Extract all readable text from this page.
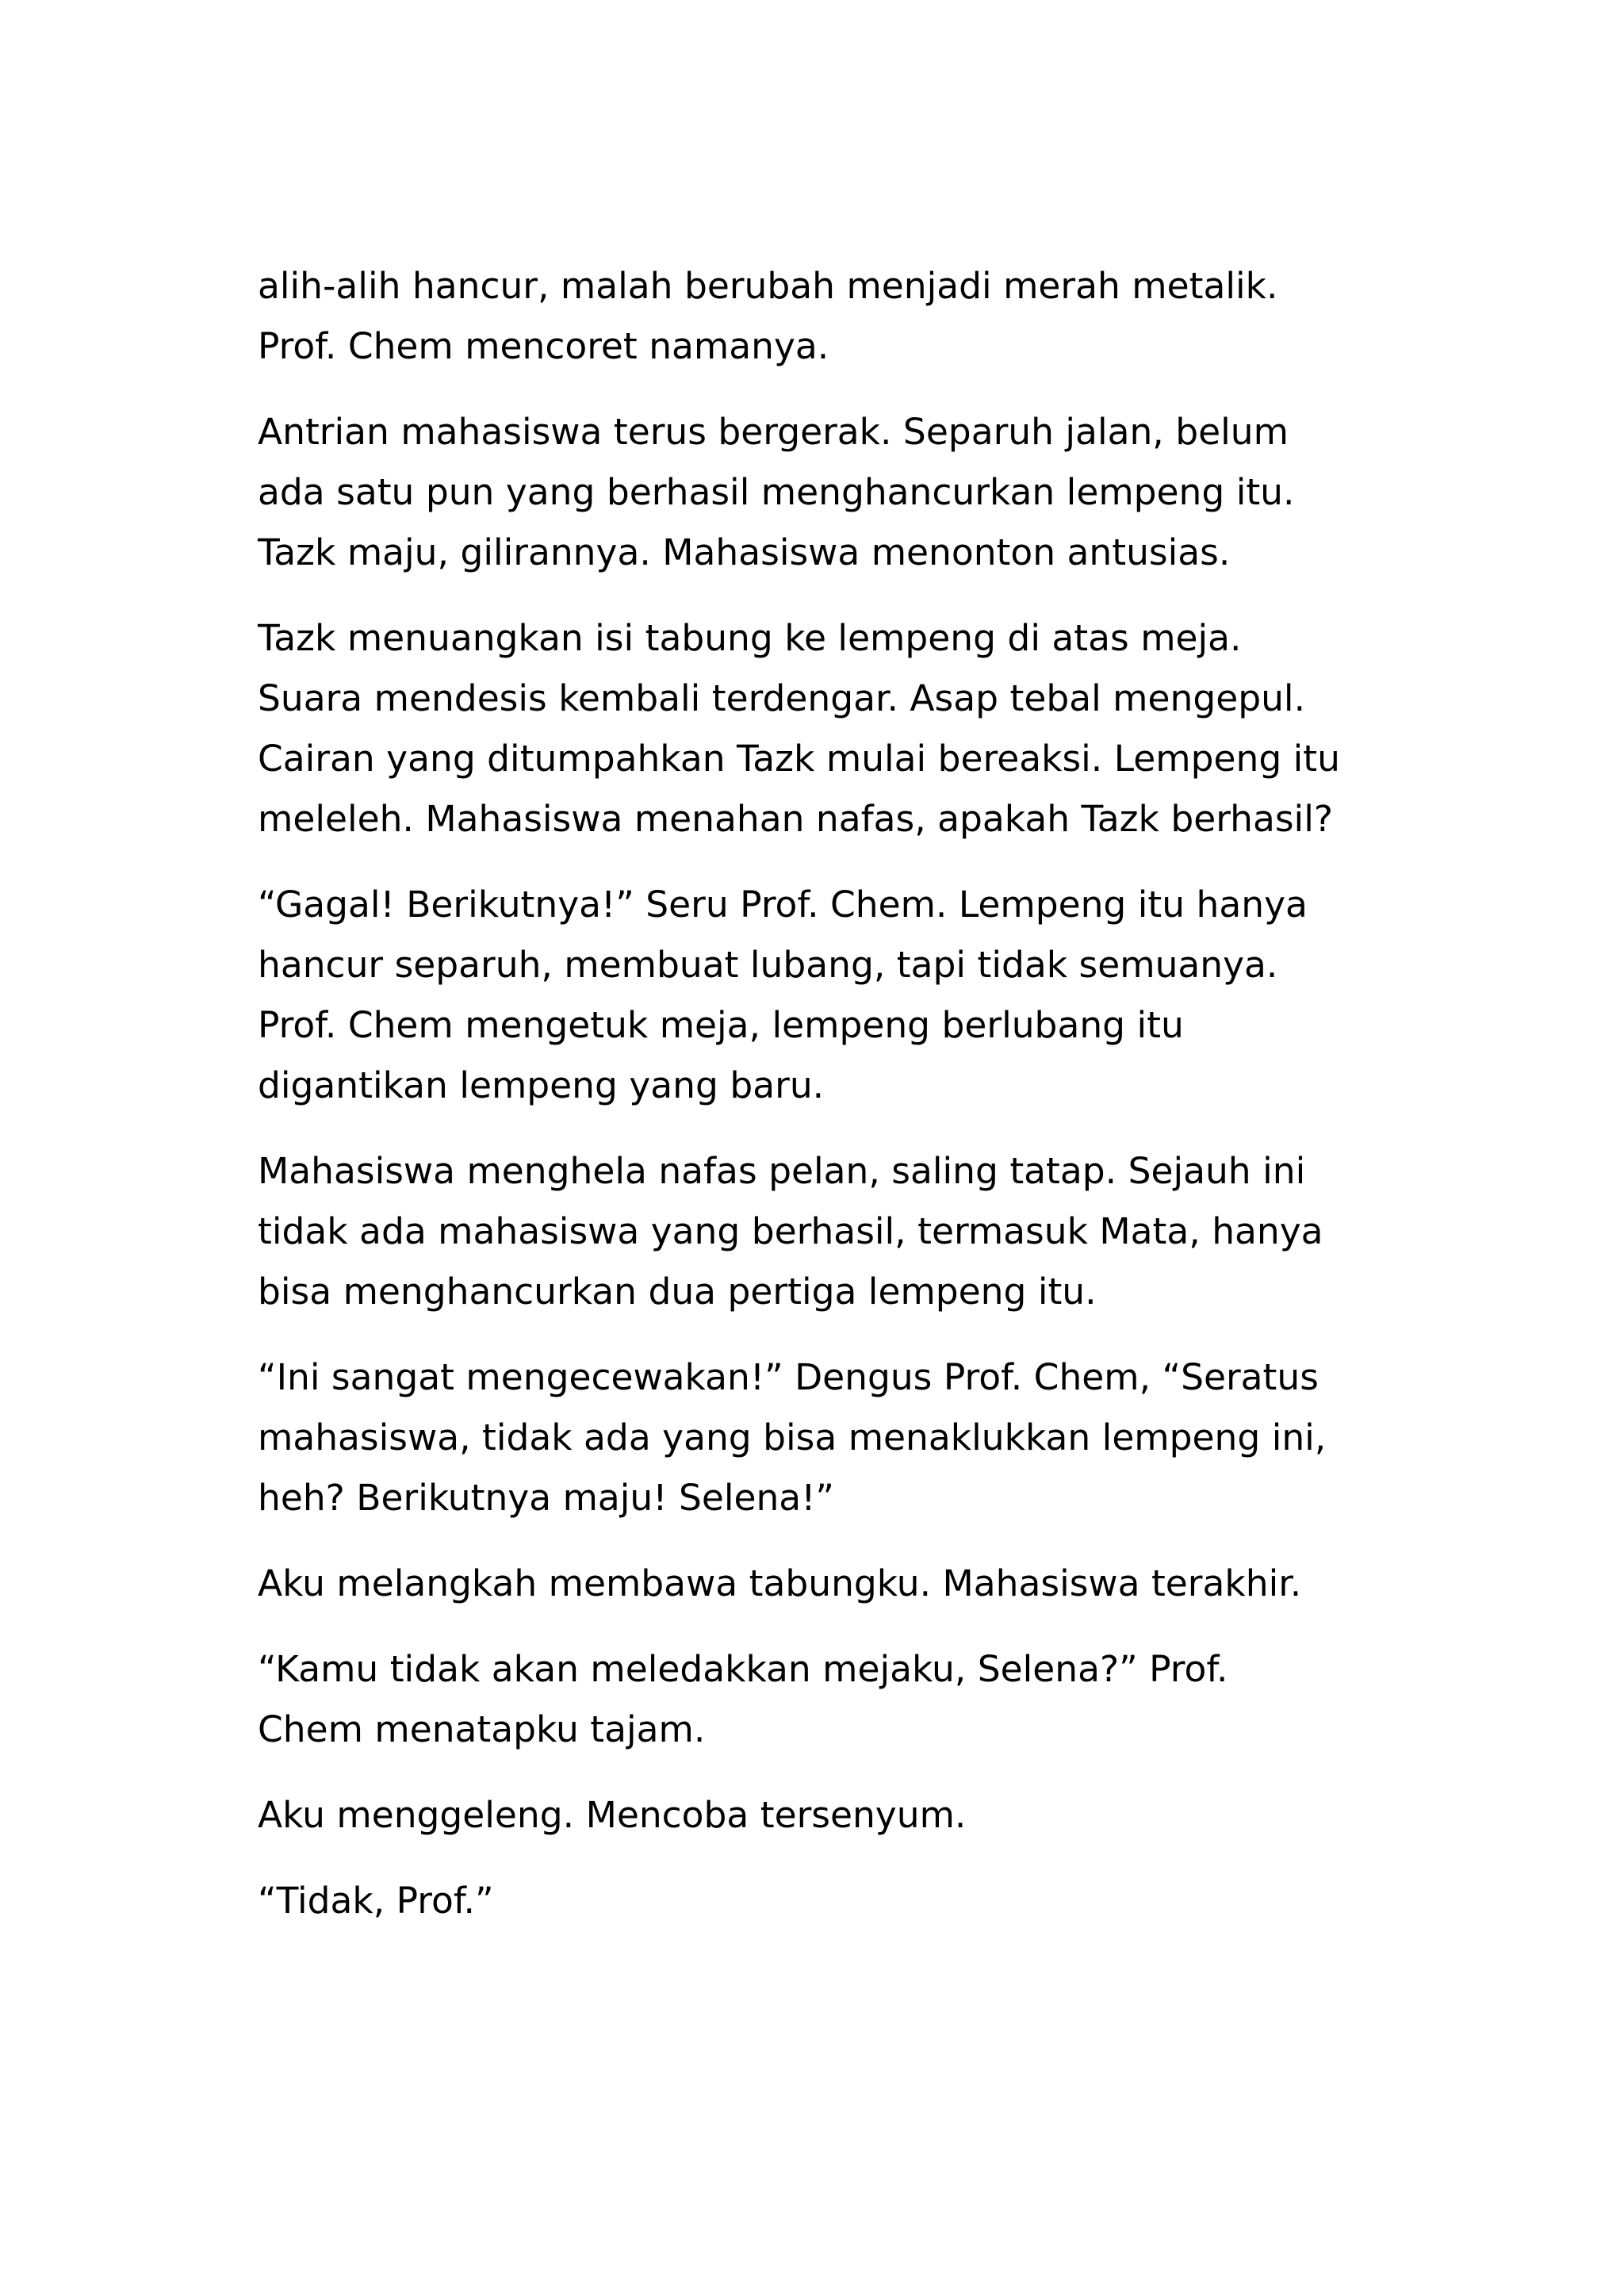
alih-alih hancur, malah berubah menjadi merah metalik.
Prof. Chem mencoret namanya.

Antrian mahasiswa terus bergerak. Separuh jalan, belum
ada satu pun yang berhasil menghancurkan lempeng itu.
Tazk maju, gilirannya. Mahasiswa menonton antusias.

Tazk menuangkan isi tabung ke lempeng di atas meja.
Suara mendesis kembali terdengar. Asap tebal mengepul.
Cairan yang ditumpahkan Tazk mulai bereaksi. Lempeng itu
meleleh. Mahasiswa menahan nafas, apakah Tazk berhasil?

“Gagal! Berikutnya!” Seru Prof. Chem. Lempeng itu hanya
hancur separuh, membuat lubang, tapi tidak semuanya.
Prof. Chem mengetuk meja, lempeng berlubang itu
digantikan lempeng yang baru.

Mahasiswa menghela nafas pelan, saling tatap. Sejauh ini
tidak ada mahasiswa yang berhasil, termasuk Mata, hanya
bisa menghancurkan dua pertiga lempeng itu.

“Ini sangat mengecewakan!” Dengus Prof. Chem, “Seratus
mahasiswa, tidak ada yang bisa menaklukkan lempeng ini,
heh? Berikutnya maju! Selena!”

Aku melangkah membawa tabungku. Mahasiswa terakhir.

“Kamu tidak akan meledakkan mejaku, Selena?” Prof.
Chem menatapku tajam.

Aku menggeleng. Mencoba tersenyum.

“Tidak, Prof.”
